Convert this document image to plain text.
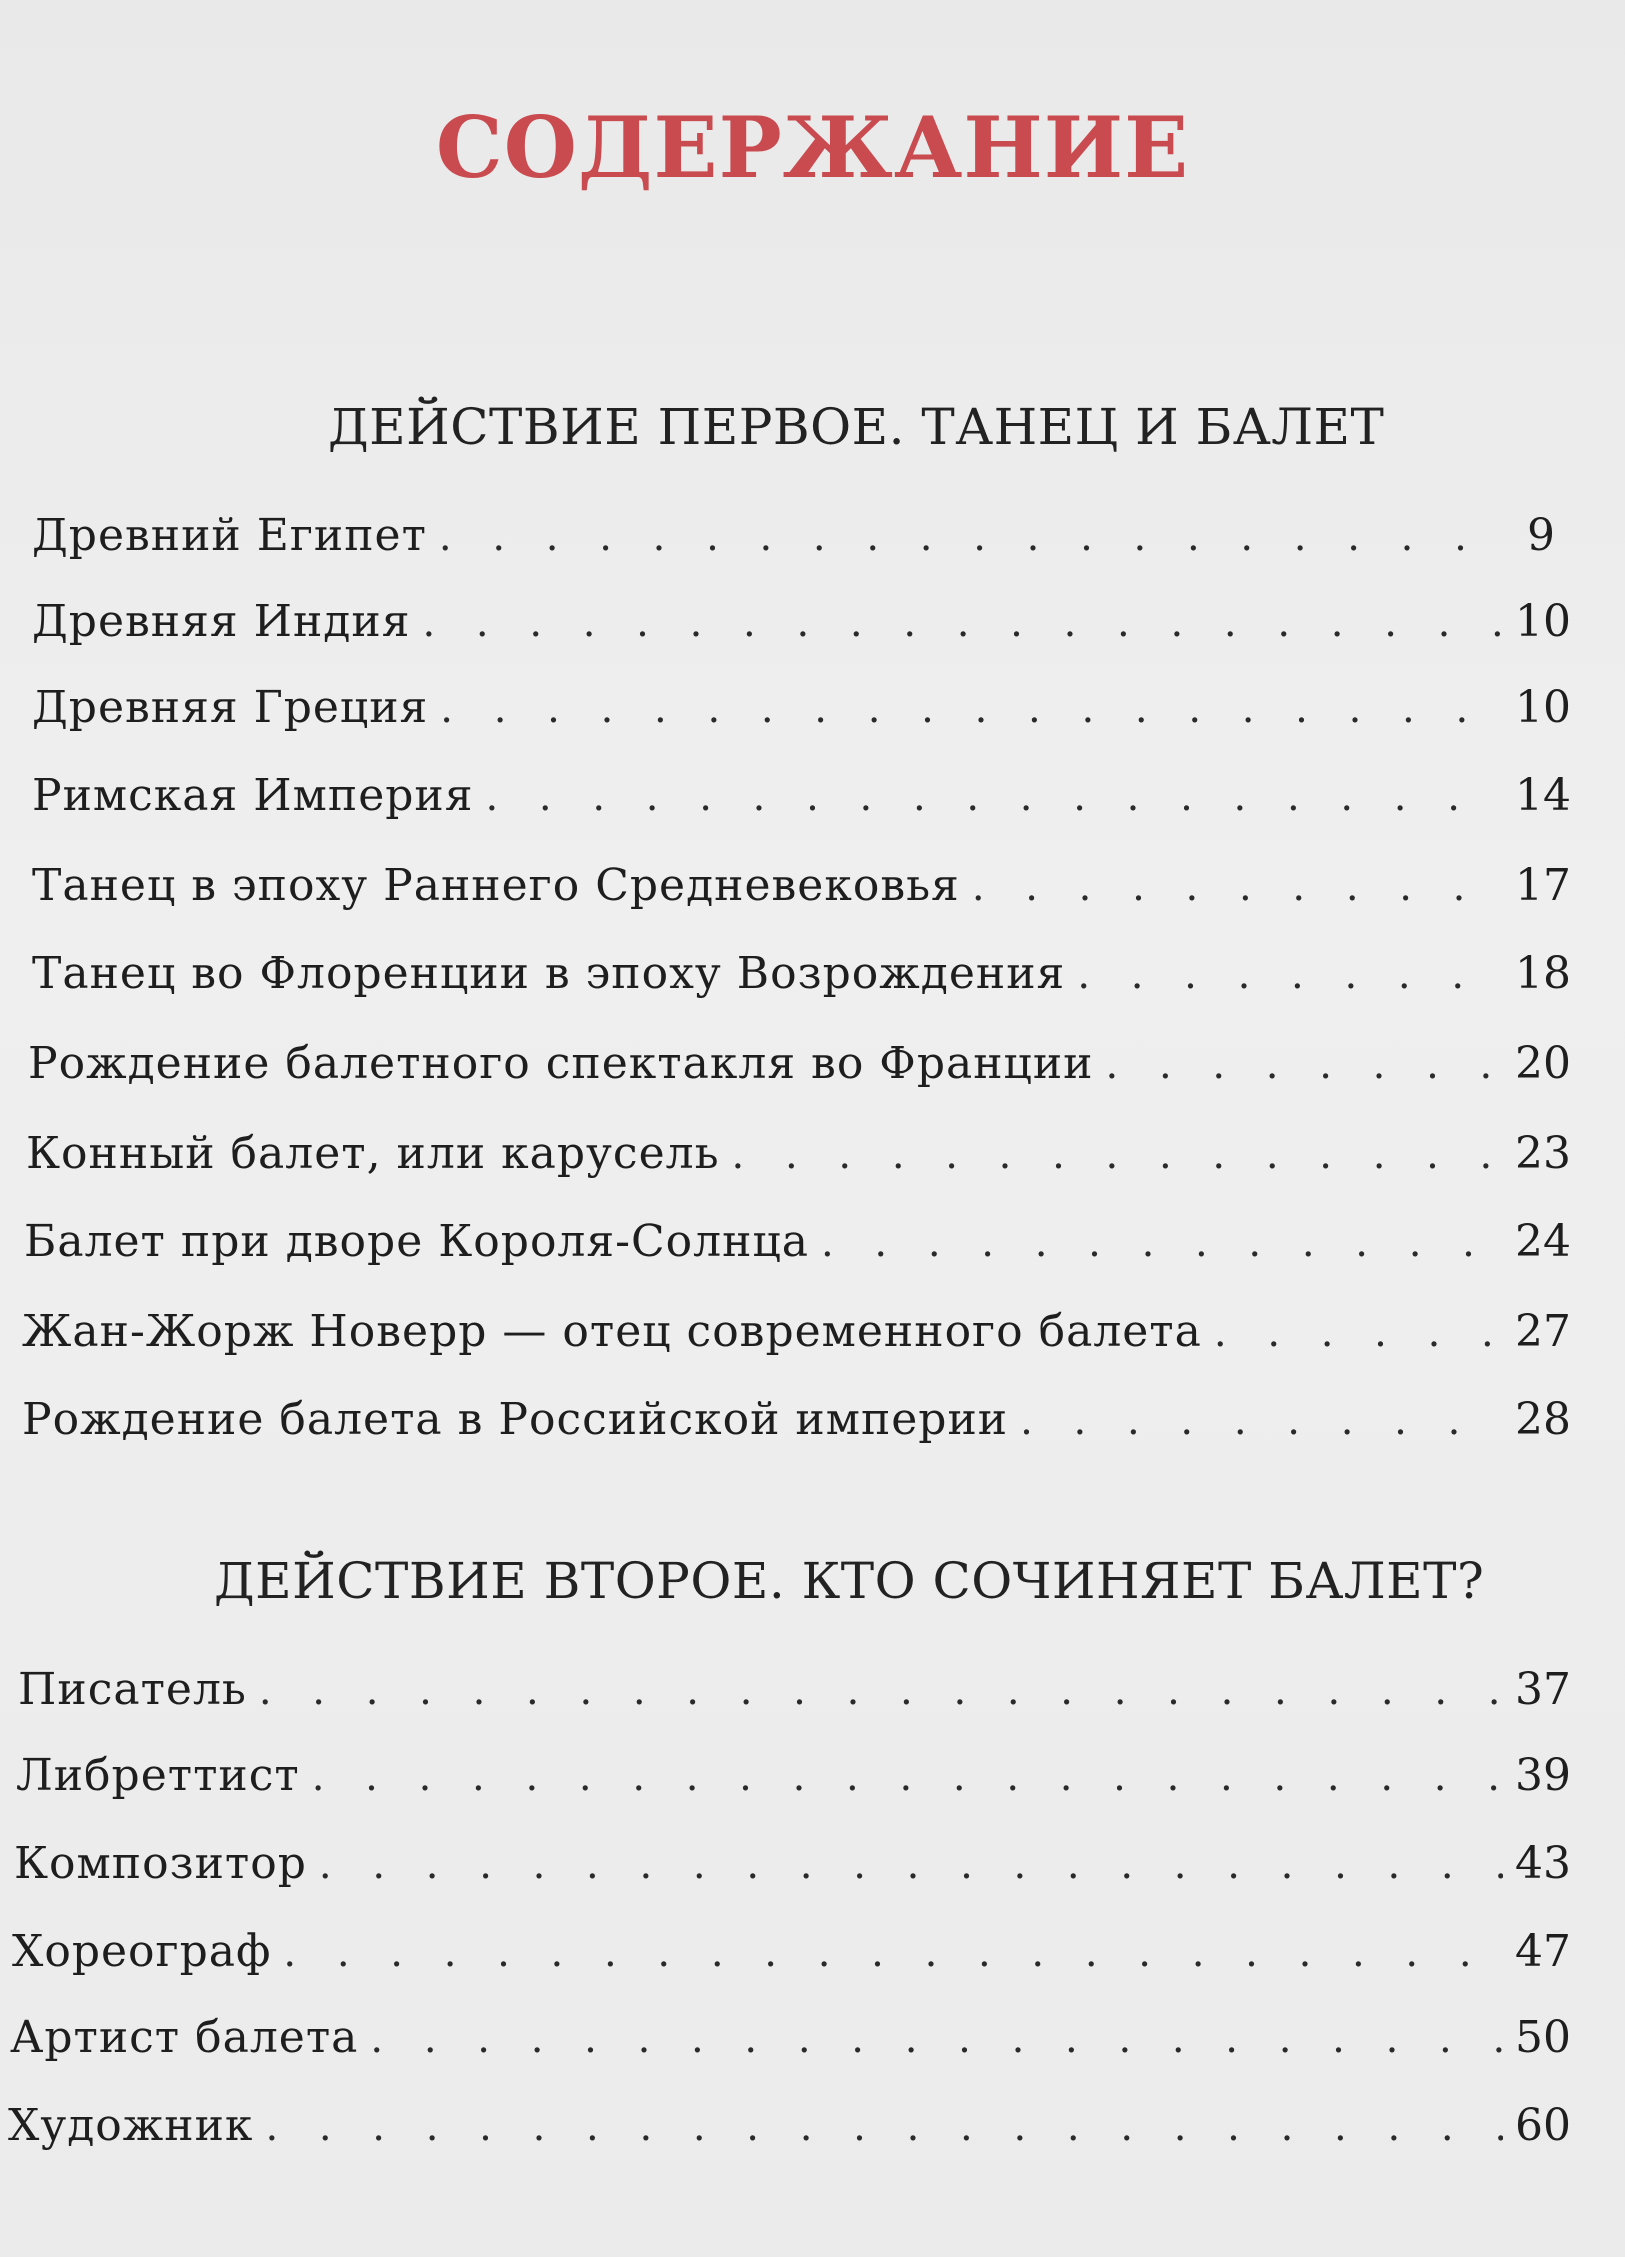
СОДЕРЖАНИЕ
ДЕЙСТВИЕ ПЕРВОЕ. ТАНЕЦ И БАЛЕТ
Древний Египет . . .	9
Древняя Индия . . .	10
Древняя Греция . . .	10
Римская Империя . . .	14
Танец в эпоху Раннего Средневековья . . .	17
Танец во Флоренции в эпоху Возрождения . . .	18
Рождение балетного спектакля во Франции . . .	20
Конный балет, или карусель . . .	23
Балет при дворе Короля-Солнца . . .	24
Жан-Жорж Новерр — отец современного балета . . .	27
Рождение балета в Российской империи . . .	28
ДЕЙСТВИЕ ВТОРОЕ. КТО СОЧИНЯЕТ БАЛЕТ?
Писатель . . .	37
Либреттист . . .	39
Композитор . . .	43
Хореограф . . .	47
Артист балета . . .	50
Художник . . .	60
